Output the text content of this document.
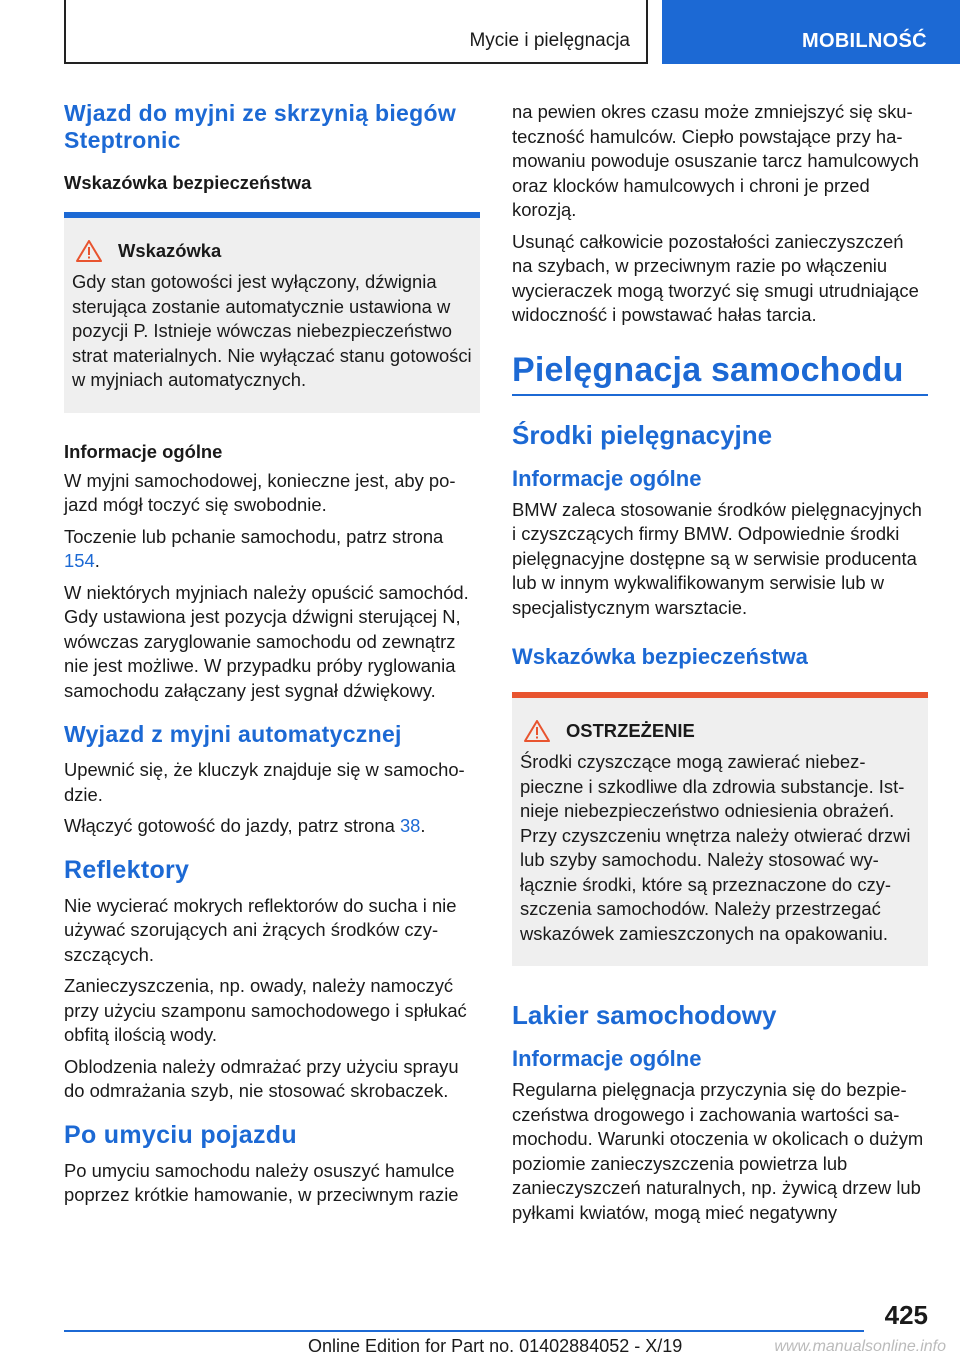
Mycie i pielęgnacja	MOBILNOŚĆ
Wjazd do myjni ze skrzynią biegów Steptronic
Wskazówka bezpieczeństwa
Wskazówka

Gdy stan gotowości jest wyłączony, dźwignia sterująca zostanie automatycznie ustawiona w pozycji P. Istnieje wówczas niebezpieczeństwo strat materialnych. Nie wyłączać stanu gotowości w myjniach automatycznych.

Informacje ogólne

W myjni samochodowej, konieczne jest, aby pojazd mógł toczyć się swobodnie.

Toczenie lub pchanie samochodu, patrz strona 154.

W niektórych myjniach należy opuścić samochód. Gdy ustawiona jest pozycja dźwigni sterującej N, wówczas zaryglowanie samochodu od zewnątrz nie jest możliwe. W przypadku próby ryglowania samochodu załączany jest sygnał dźwiękowy.

Wyjazd z myjni automatycznej

Upewnić się, że kluczyk znajduje się w samochodzie.

Włączyć gotowość do jazdy, patrz strona 38.

Reflektory

Nie wycierać mokrych reflektorów do sucha i nie używać szorujących ani żrących środków czyszczących.

Zanieczyszczenia, np. owady, należy namoczyć przy użyciu szamponu samochodowego i spłukać obfitą ilością wody.

Oblodzenia należy odmrażać przy użyciu sprayu do odmrażania szyb, nie stosować skrobaczek.

Po umyciu pojazdu

Po umyciu samochodu należy osuszyć hamulce poprzez krótkie hamowanie, w przeciwnym razie

na pewien okres czasu może zmniejszyć się skuteczność hamulców. Ciepło powstające przy hamowaniu powoduje osuszanie tarcz hamulcowych oraz klocków hamulcowych i chroni je przed korozją.

Usunąć całkowicie pozostałości zanieczyszczeń na szybach, w przeciwnym razie po włączeniu wycieraczek mogą tworzyć się smugi utrudniające widoczność i powstawać hałas tarcia.

Pielęgnacja samochodu
Środki pielęgnacyjne
Informacje ogólne

BMW zaleca stosowanie środków pielęgnacyjnych i czyszczących firmy BMW. Odpowiednie środki pielęgnacyjne dostępne są w serwisie producenta lub w innym wykwalifikowanym serwisie lub w specjalistycznym warsztacie.

Wskazówka bezpieczeństwa
OSTRZEŻENIE

Środki czyszczące mogą zawierać niebezpieczne i szkodliwe dla zdrowia substancje. Istnieje niebezpieczeństwo odniesienia obrażeń. Przy czyszczeniu wnętrza należy otwierać drzwi lub szyby samochodu. Należy stosować wyłącznie środki, które są przeznaczone do czyszczenia samochodów. Należy przestrzegać wskazówek zamieszczonych na opakowaniu.

Lakier samochodowy
Informacje ogólne

Regularna pielęgnacja przyczynia się do bezpieczeństwa drogowego i zachowania wartości samochodu. Warunki otoczenia w okolicach o dużym poziomie zanieczyszczenia powietrza lub zanieczyszczeń naturalnych, np. żywicą drzew lub pyłkami kwiatów, mogą mieć negatywny

425
Online Edition for Part no. 01402884052 - X/19	www.manualsonline.info
